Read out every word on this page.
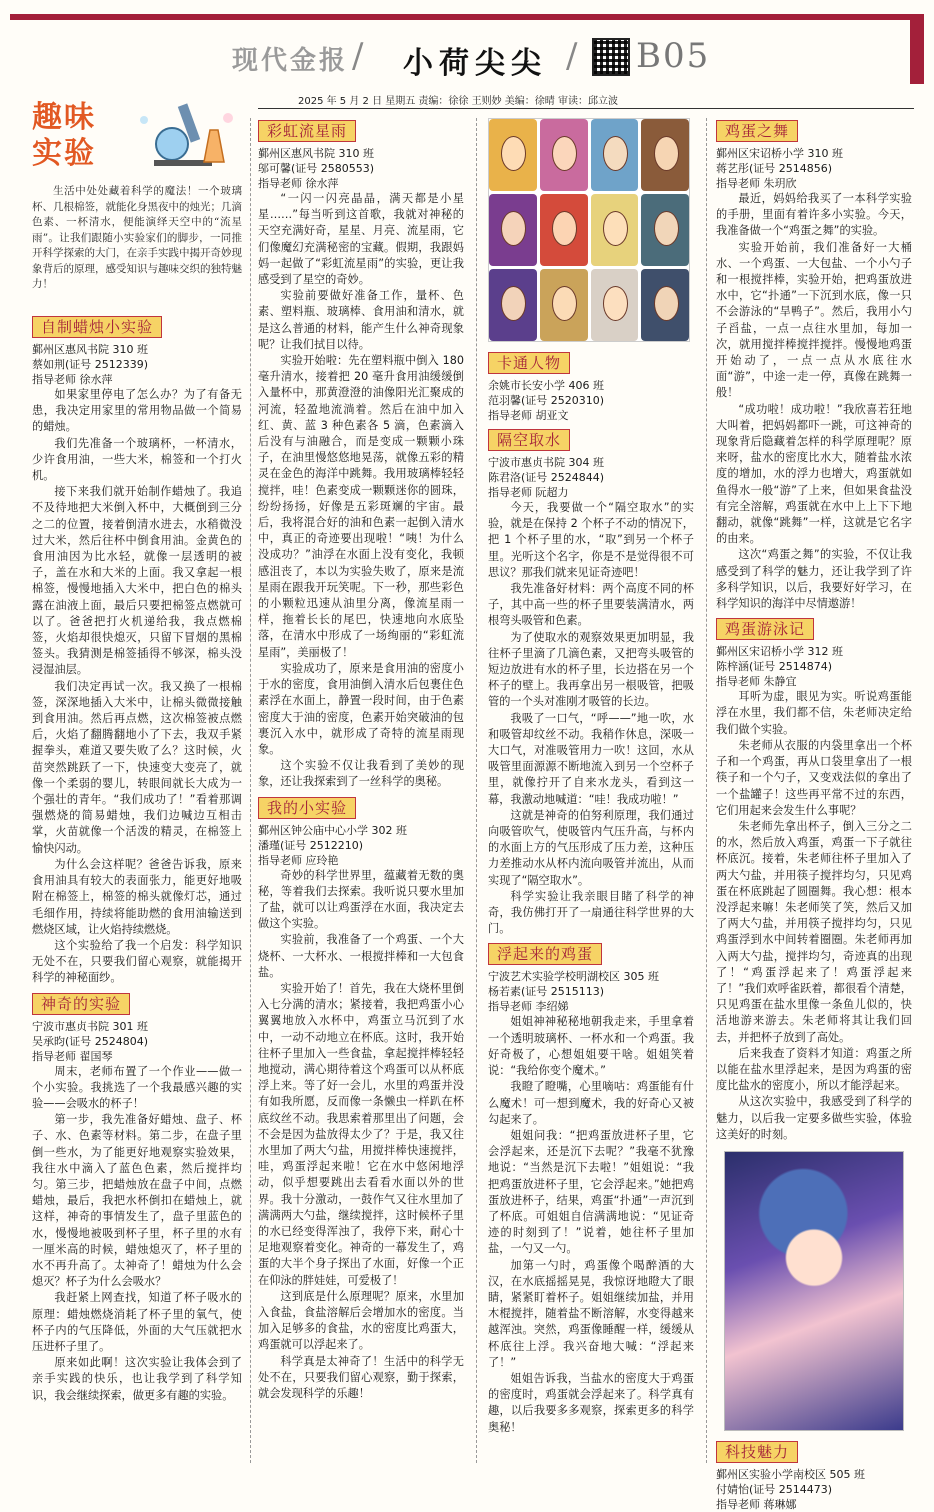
现代金报 / 小荷尖尖 / B05
2025 年 5 月 2 日 星期五 责编：徐徐 王则妙 美编：徐晴 审读：邱立波
趣味实验
生活中处处藏着科学的魔法！一个玻璃杯、几根棉签，就能化身黑夜中的烛光；几滴色素、一杯清水，便能演绎天空中的“流星雨”。让我们跟随小实验家们的脚步，一同推开科学探索的大门，在亲手实践中揭开奇妙现象背后的原理，感受知识与趣味交织的独特魅力！
自制蜡烛小实验

鄞州区惠风书院 310 班

蔡如荆(证号 2512339)

指导老师 徐水萍

如果家里停电了怎么办？为了有备无患，我决定用家里的常用物品做一个简易的蜡烛。

我们先准备一个玻璃杯，一杯清水，少许食用油，一些大米，棉签和一个打火机。

接下来我们就开始制作蜡烛了。我追不及待地把大米倒入杯中，大概倒到三分之二的位置，接着倒清水进去，水稍微没过大米，然后往杯中倒食用油。金黄色的食用油因为比水轻，就像一层透明的被子，盖在水和大米的上面。我又拿起一根棉签，慢慢地插入大米中，把白色的棉头露在油液上面，最后只要把棉签点燃就可以了。爸爸把打火机递给我，我点燃棉签，火焰却很快熄灭，只留下冒烟的黑棉签头。我猜测是棉签插得不够深，棉头没浸湿油层。

我们决定再试一次。我又换了一根棉签，深深地插入大米中，让棉头微微接触到食用油。然后再点燃，这次棉签被点燃后，火焰了翻腾翻地小了下去，我双手紧握拳头，难道又要失败了么？这时候，火苗突然跳跃了一下，快速变大变亮了，就像一个柔弱的婴儿，转眼间就长大成为一个强壮的青年。“我们成功了！”看着那调强燃烧的简易蜡烛，我们边喊边互相击掌，火苗就像一个活泼的精灵，在棉签上愉快闪动。

为什么会这样呢？爸爸告诉我，原来食用油具有较大的表面张力，能更好地吸附在棉签上，棉签的棉头就像灯芯，通过毛细作用，持续将能助燃的食用油输送到燃烧区域，让火焰持续燃烧。

这个实验给了我一个启发：科学知识无处不在，只要我们留心观察，就能揭开科学的神秘面纱。

神奇的实验

宁波市惠贞书院 301 班

吴承昀(证号 2524804)

指导老师 翟国琴

周末，老师布置了一个作业——做一个小实验。我挑选了一个我最感兴趣的实验——会吸水的杯子！

第一步，我先准备好蜡烛、盘子、杯子、水、色素等材料。第二步，在盘子里倒一些水，为了能更好地观察实验效果，我往水中滴入了蓝色色素，然后搅拌均匀。第三步，把蜡烛放在盘子中间，点燃蜡烛，最后，我把水杯倒扣在蜡烛上，就这样，神奇的事情发生了，盘子里蓝色的水，慢慢地被吸到杯子里，杯子里的水有一厘米高的时候，蜡烛熄灭了，杯子里的水不再升高了。太神奇了！蜡烛为什么会熄灭？杯子为什么会吸水？

我赶紧上网查找，知道了杯子吸水的原理：蜡烛燃烧消耗了杯子里的氧气，使杯子内的气压降低，外面的大气压就把水压进杯子里了。

原来如此啊！这次实验让我体会到了亲手实践的快乐，也让我学到了科学知识，我会继续探索，做更多有趣的实验。

彩虹流星雨

鄞州区惠风书院 310 班

邬可馨(证号 2580553)

指导老师 徐水萍

“一闪一闪亮晶晶，满天都是小星星……”每当听到这首歌，我就对神秘的天空充满好奇，星星、月亮、流星雨，它们像魔幻充满秘密的宝藏。假期，我跟妈妈一起做了“彩虹流星雨”的实验，更让我感受到了星空的奇妙。

实验前要做好准备工作，量杯、色素、塑料瓶、玻璃棒、食用油和清水，就是这么普通的材料，能产生什么神奇现象呢？让我们拭目以待。

实验开始啦：先在塑料瓶中倒入 180 毫升清水，接着把 20 毫升食用油缓缓倒入量杯中，那黄澄澄的油像阳光汇聚成的河流，轻盈地流淌着。然后在油中加入红、黄、蓝 3 种色素各 5 滴，色素滴入后没有与油融合，而是变成一颗颗小珠子，在油里慢悠悠地晃荡，就像五彩的精灵在金色的海洋中跳舞。我用玻璃棒轻轻搅拌，哇！色素变成一颗颗迷你的圆珠，纷纷扬扬，好像是五彩斑斓的宇宙。最后，我将混合好的油和色素一起倒入清水中，真正的奇迹要出现啦！“咦！为什么没成功？”油浮在水面上没有变化，我顿感沮丧了，本以为实验失败了，原来是流星雨在跟我开玩笑呢。下一秒，那些彩色的小颗粒迅速从油里分离，像流星雨一样，拖着长长的尾巴，快速地向水底坠落，在清水中形成了一场绚丽的“彩虹流星雨”，美丽极了！

实验成功了，原来是食用油的密度小于水的密度，食用油倒入清水后包裹住色素浮在水面上，静置一段时间，由于色素密度大于油的密度，色素开始突破油的包裹沉入水中，就形成了奇特的流星雨现象。

这个实验不仅让我看到了美妙的现象，还让我探索到了一丝科学的奥秘。

我的小实验

鄞州区钟公庙中心小学 302 班

潘瑾(证号 2512210)

指导老师 应玲艳

奇妙的科学世界里，蕴藏着无数的奥秘，等着我们去探索。我听说只要水里加了盐，就可以让鸡蛋浮在水面，我决定去做这个实验。

实验前，我准备了一个鸡蛋、一个大烧杯、一大杯水、一根搅拌棒和一大包食盐。

实验开始了！首先，我在大烧杯里倒入七分满的清水；紧接着，我把鸡蛋小心翼翼地放入水杯中，鸡蛋立马沉到了水中，一动不动地立在杯底。这时，我开始往杯子里加入一些食盐，拿起搅拌棒轻轻地搅动，满心期待着这个鸡蛋可以从杯底浮上来。等了好一会儿，水里的鸡蛋并没有如我所愿，反而像一条懒虫一样趴在杯底纹丝不动。我思索着那里出了问题，会不会是因为盐放得太少了？于是，我又往水里加了两大勺盐，用搅拌棒快速搅拌，哇，鸡蛋浮起来啦！它在水中悠闲地浮动，似乎想要跳出去看看水面以外的世界。我十分激动，一鼓作气又往水里加了满满两大勺盐，继续搅拌，这时候杯子里的水已经变得浑浊了，我停下来，耐心十足地观察着变化。神奇的一幕发生了，鸡蛋的大半个身子探出了水面，好像一个正在仰泳的胖娃娃，可爱极了！

这到底是什么原理呢？原来，水里加入食盐，食盐溶解后会增加水的密度。当加入足够多的食盐，水的密度比鸡蛋大，鸡蛋就可以浮起来了。

科学真是太神奇了！生活中的科学无处不在，只要我们留心观察，勤于探索，就会发现科学的乐趣！

卡通人物

余姚市长安小学 406 班

范羽馨(证号 2520310)

指导老师 胡亚文

隔空取水

宁波市惠贞书院 304 班

陈君洛(证号 2524844)

指导老师 阮超力

今天，我要做一个“隔空取水”的实验，就是在保持 2 个杯子不动的情况下，把 1 个杯子里的水，“取”到另一个杯子里。光听这个名字，你是不是觉得很不可思议？那我们就来见证奇迹吧！

我先准备好材料：两个高度不同的杯子，其中高一些的杯子里要装满清水，两根弯头吸管和色素。

为了使取水的观察效果更加明显，我往杯子里滴了几滴色素，又把弯头吸管的短边放进有水的杯子里，长边搭在另一个杯子的壁上。我再拿出另一根吸管，把吸管的一个头对准刚才吸管的长边。

我吸了一口气，“呼——”地一吹，水和吸管却纹丝不动。我稍作休息，深吸一大口气，对准吸管用力一吹！这回，水从吸管里面源源不断地流入到另一个空杯子里，就像拧开了自来水龙头，看到这一幕，我激动地喊道：“哇！我成功啦！”

这就是神奇的伯努利原理，我们通过向吸管吹气，使吸管内气压升高，与杯内的水面上方的气压形成了压力差，这种压力差推动水从杯内流向吸管并流出，从而实现了“隔空取水”。

科学实验让我亲眼目睹了科学的神奇，我仿佛打开了一扇通往科学世界的大门。

浮起来的鸡蛋

宁波艺术实验学校明湖校区 305 班

杨若素(证号 2515113)

指导老师 李绍娣

姐姐神神秘秘地朝我走来，手里拿着一个透明玻璃杯、一杯水和一个鸡蛋。我好奇极了，心想姐姐要干啥。姐姐笑着说：“我给你变个魔术。”

我瞪了瞪嘴，心里嘀咕：鸡蛋能有什么魔术！可一想到魔术，我的好奇心又被勾起来了。

姐姐问我：“把鸡蛋放进杯子里，它会浮起来，还是沉下去呢？”我毫不犹豫地说：“当然是沉下去啦！”姐姐说：“我把鸡蛋放进杯子里，它会浮起来。”她把鸡蛋放进杯子，结果，鸡蛋“扑通”一声沉到了杯底。可姐姐自信满满地说：“见证奇迹的时刻到了！”说着，她往杯子里加盐，一勺又一勺。

加第一勺时，鸡蛋像个喝醉酒的大汉，在水底摇摇晃晃，我惊讶地瞪大了眼睛，紧紧盯着杯子。姐姐继续加盐，并用木棍搅拌，随着盐不断溶解，水变得越来越浑浊。突然，鸡蛋像睡醒一样，缓缓从杯底往上浮。我兴奋地大喊：“浮起来了！”

姐姐告诉我，当盐水的密度大于鸡蛋的密度时，鸡蛋就会浮起来了。科学真有趣，以后我要多多观察，探索更多的科学奥秘！

鸡蛋之舞

鄞州区宋诏桥小学 310 班

蒋艺彤(证号 2514856)

指导老师 朱玥欣

最近，妈妈给我买了一本科学实验的手册，里面有着许多小实验。今天，我准备做一个“鸡蛋之舞”的实验。

实验开始前，我们准备好一大桶水、一个鸡蛋、一大包盐、一个小勺子和一根搅拌棒，实验开始，把鸡蛋放进水中，它“扑通”一下沉到水底，像一只不会游泳的“旱鸭子”。然后，我用小勺子舀盐，一点一点往水里加，每加一次，就用搅拌棒搅拌搅拌。慢慢地鸡蛋开始动了，一点一点从水底往水面“游”，中途一走一停，真像在跳舞一般！

“成功啦！成功啦！”我欣喜若狂地大叫着，把妈妈都吓一跳，可这神奇的现象背后隐藏着怎样的科学原理呢？原来呀，盐水的密度比水大，随着盐水浓度的增加，水的浮力也增大，鸡蛋就如鱼得水一般“游”了上来，但如果食盐没有完全溶解，鸡蛋就在水中上上下下地翻动，就像“跳舞”一样，这就是它名字的由来。

这次“鸡蛋之舞”的实验，不仅让我感受到了科学的魅力，还让我学到了许多科学知识，以后，我要好好学习，在科学知识的海洋中尽情遨游！

鸡蛋游泳记

鄞州区宋诏桥小学 312 班

陈梓涵(证号 2514874)

指导老师 朱静宜

耳听为虚，眼见为实。听说鸡蛋能浮在水里，我们都不信，朱老师决定给我们做个实验。

朱老师从衣服的内袋里拿出一个杯子和一个鸡蛋，再从口袋里拿出了一根筷子和一个勺子，又变戏法似的拿出了一个盐罐子！这些再平常不过的东西，它们用起来会发生什么事呢？

朱老师先拿出杯子，倒入三分之二的水，然后放入鸡蛋，鸡蛋一下子就往杯底沉。接着，朱老师往杯子里加入了两大勺盐，并用筷子搅拌均匀，只见鸡蛋在杯底跳起了圆圈舞。我心想：根本没浮起来嘛！朱老师笑了笑，然后又加了两大勺盐，并用筷子搅拌均匀，只见鸡蛋浮到水中间转着圈圈。朱老师再加入两大勺盐，搅拌均匀，奇迹真的出现了！“鸡蛋浮起来了！鸡蛋浮起来了！”我们欢呼雀跃着，都很看个清楚，只见鸡蛋在盐水里像一条鱼儿似的，快活地游来游去。朱老师将其让我们回去，并把杯子放到了高处。

后来我查了资料才知道：鸡蛋之所以能在盐水里浮起来，是因为鸡蛋的密度比盐水的密度小，所以才能浮起来。

从这次实验中，我感受到了科学的魅力，以后我一定要多做些实验，体验这美好的时刻。

科技魅力

鄞州区实验小学南校区 505 班

付婧怡(证号 2514473)

指导老师 蒋琳娜
